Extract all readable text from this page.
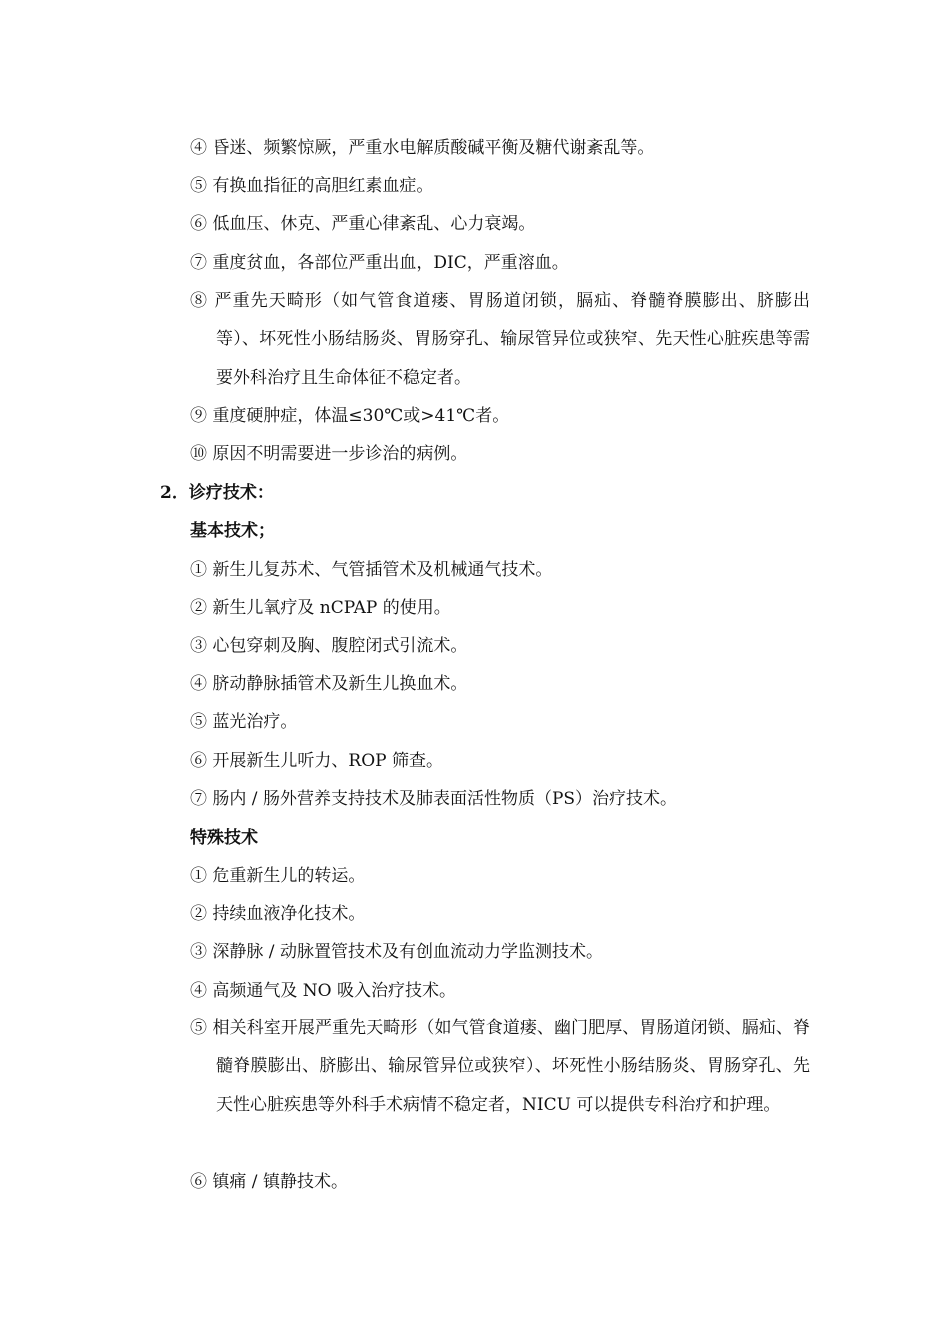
④ 昏迷、频繁惊厥，严重水电解质酸碱平衡及糖代谢紊乱等。
⑤ 有换血指征的高胆红素血症。
⑥ 低血压、休克、严重心律紊乱、心力衰竭。
⑦ 重度贫血，各部位严重出血，DIC，严重溶血。
⑧ 严重先天畸形（如气管食道瘘、胃肠道闭锁，膈疝、脊髓脊膜膨出、脐膨出等）、坏死性小肠结肠炎、胃肠穿孔、输尿管异位或狭窄、先天性心脏疾患等需要外科治疗且生命体征不稳定者。
⑨ 重度硬肿症，体温≤30℃或>41℃者。
⑩ 原因不明需要进一步诊治的病例。
2．诊疗技术：
基本技术；
① 新生儿复苏术、气管插管术及机械通气技术。
② 新生儿氧疗及 nCPAP 的使用。
③ 心包穿刺及胸、腹腔闭式引流术。
④ 脐动静脉插管术及新生儿换血术。
⑤ 蓝光治疗。
⑥ 开展新生儿听力、ROP 筛查。
⑦ 肠内 / 肠外营养支持技术及肺表面活性物质（PS）治疗技术。
特殊技术
① 危重新生儿的转运。
② 持续血液净化技术。
③ 深静脉 / 动脉置管技术及有创血流动力学监测技术。
④ 高频通气及 NO 吸入治疗技术。
⑤ 相关科室开展严重先天畸形（如气管食道瘘、幽门肥厚、胃肠道闭锁、膈疝、脊髓脊膜膨出、脐膨出、输尿管异位或狭窄）、坏死性小肠结肠炎、胃肠穿孔、先天性心脏疾患等外科手术病情不稳定者，NICU 可以提供专科治疗和护理。
⑥ 镇痛 / 镇静技术。
